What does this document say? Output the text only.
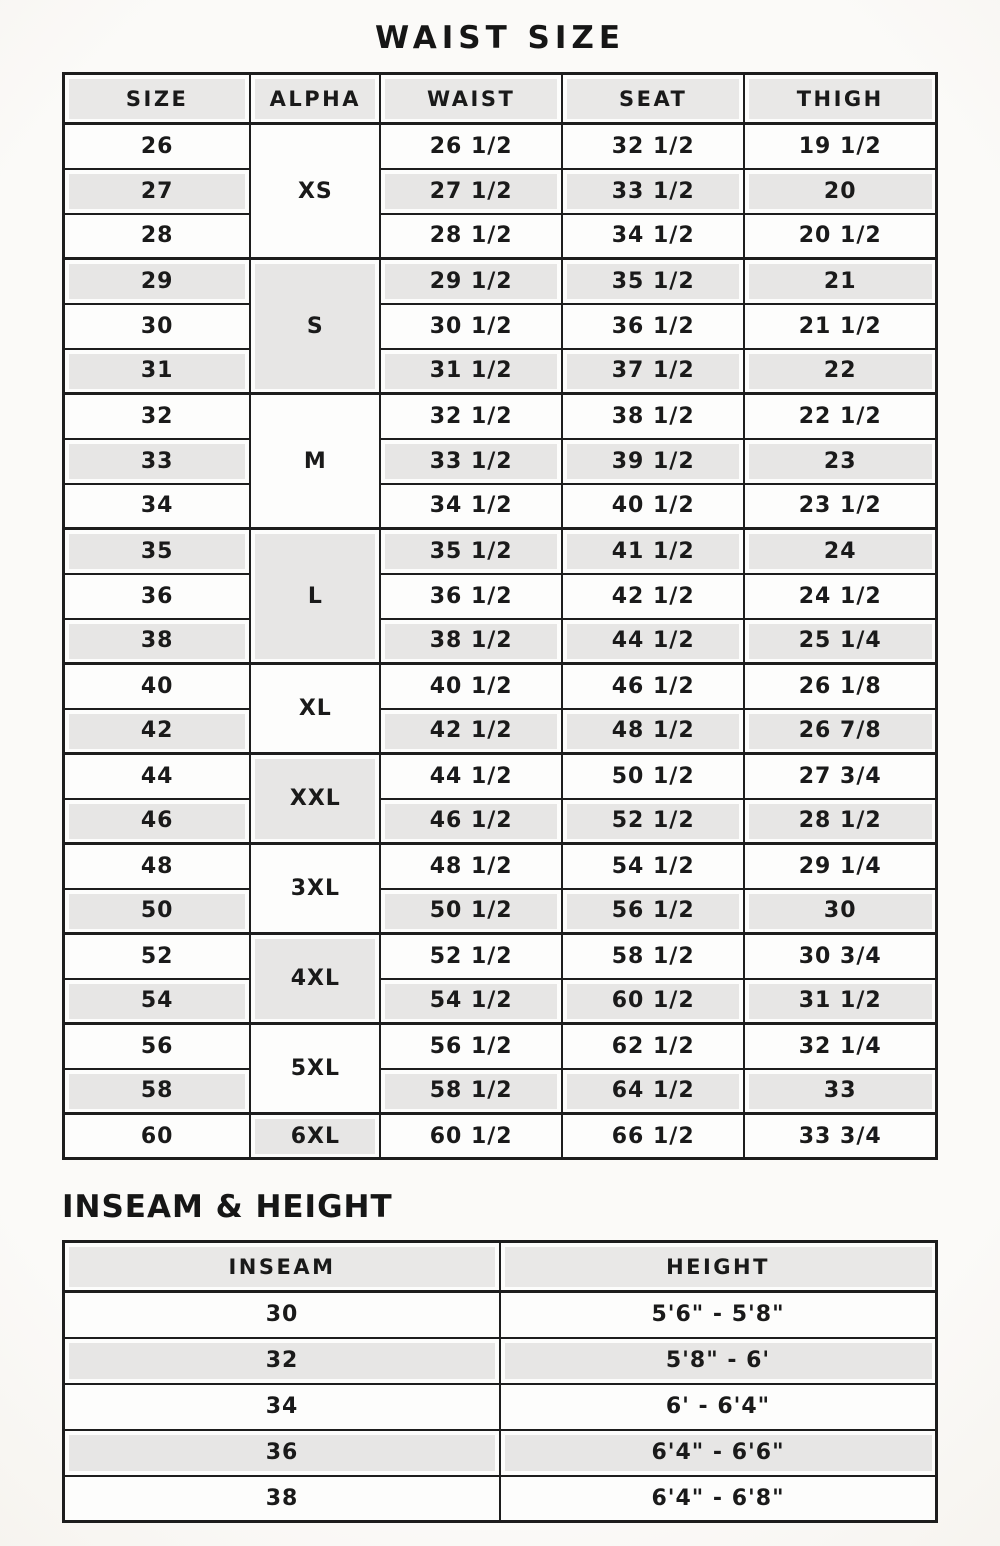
WAIST SIZE
SIZE	ALPHA	WAIST	SEAT	THIGH
26	XS	26 1/2	32 1/2	19 1/2
27		27 1/2	33 1/2	20
28		28 1/2	34 1/2	20 1/2
29	S	29 1/2	35 1/2	21
30		30 1/2	36 1/2	21 1/2
31		31 1/2	37 1/2	22
32	M	32 1/2	38 1/2	22 1/2
33		33 1/2	39 1/2	23
34		34 1/2	40 1/2	23 1/2
35	L	35 1/2	41 1/2	24
36		36 1/2	42 1/2	24 1/2
38		38 1/2	44 1/2	25 1/4
40	XL	40 1/2	46 1/2	26 1/8
42		42 1/2	48 1/2	26 7/8
44	XXL	44 1/2	50 1/2	27 3/4
46		46 1/2	52 1/2	28 1/2
48	3XL	48 1/2	54 1/2	29 1/4
50		50 1/2	56 1/2	30
52	4XL	52 1/2	58 1/2	30 3/4
54		54 1/2	60 1/2	31 1/2
56	5XL	56 1/2	62 1/2	32 1/4
58		58 1/2	64 1/2	33
60	6XL	60 1/2	66 1/2	33 3/4
INSEAM & HEIGHT
INSEAM	HEIGHT
30	5'6" - 5'8"
32	5'8" - 6'
34	6' - 6'4"
36	6'4" - 6'6"
38	6'4" - 6'8"
